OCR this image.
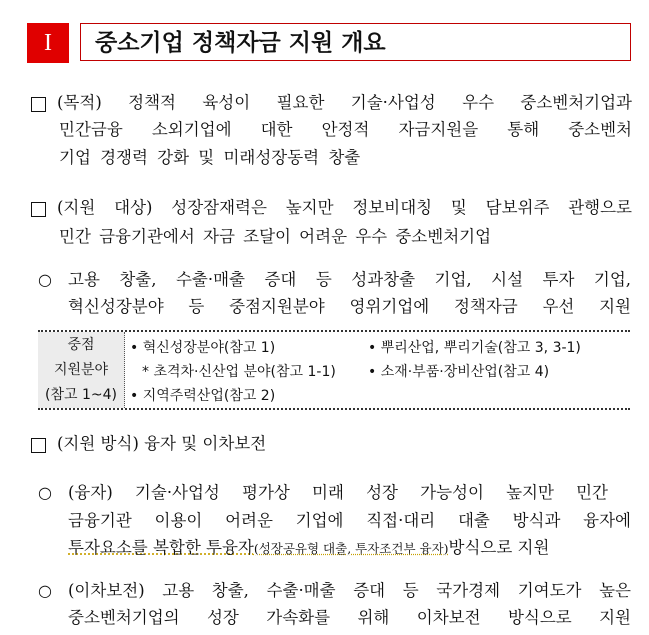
I	중소기업 정책자금 지원 개요
(목적) 정책적 육성이 필요한 기술·사업성 우수 중소벤처기업과
민간금융 소외기업에 대한 안정적 자금지원을 통해 중소벤처
기업 경쟁력 강화 및 미래성장동력 창출
(지원 대상) 성장잠재력은 높지만 정보비대칭 및 담보위주 관행으로
민간 금융기관에서 자금 조달이 어려운 우수 중소벤처기업
○ 고용 창출, 수출·매출 증대 등 성과창출 기업, 시설 투자 기업,
혁신성장분야 등 중점지원분야 영위기업에 정책자금 우선 지원
중점
지원분야
(참고 1~4)
• 혁신성장분야(참고 1)
* 초격차·신산업 분야(참고 1-1)
• 지역주력산업(참고 2)
• 뿌리산업, 뿌리기술(참고 3, 3-1)
• 소재·부품·장비산업(참고 4)
(지원 방식) 융자 및 이차보전
○ (융자) 기술·사업성 평가상 미래 성장 가능성이 높지만 민간
금융기관 이용이 어려운 기업에 직접·대리 대출 방식과 융자에
투자요소를 복합한 투융자(성장공유형 대출, 투자조건부 융자)방식으로 지원
○ (이차보전) 고용 창출, 수출·매출 증대 등 국가경제 기여도가 높은
중소벤처기업의 성장 가속화를 위해 이차보전 방식으로 지원
